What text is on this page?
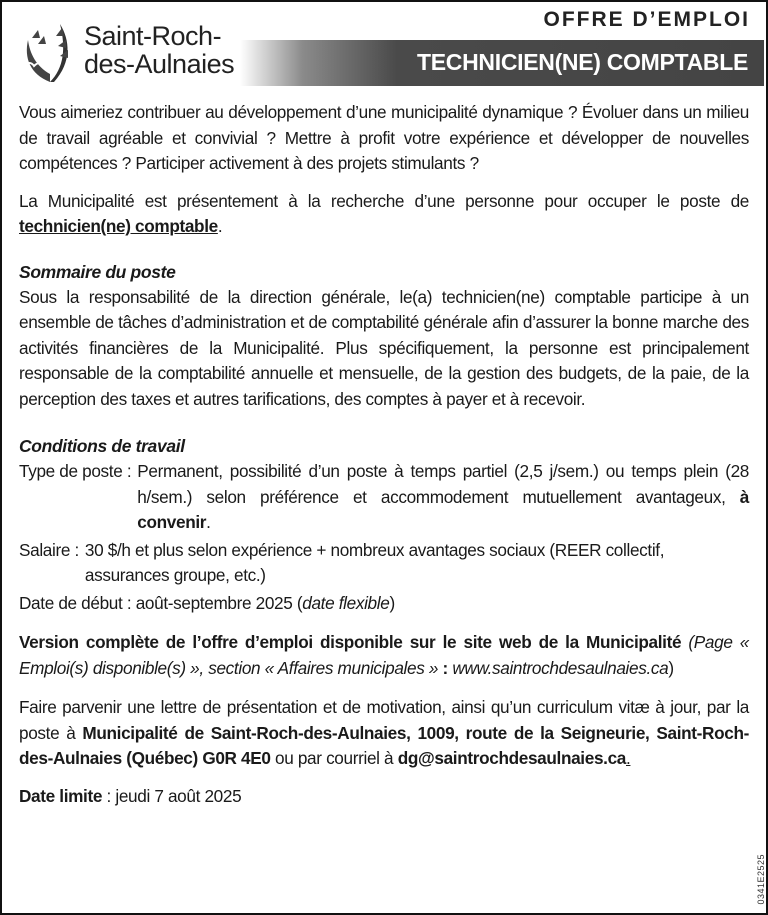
Saint-Roch-
des-Aulnaies
OFFRE D’EMPLOI
TECHNICIEN(NE) COMPTABLE

Vous aimeriez contribuer au développement d’une municipalité dynamique ? Évoluer dans un milieu de travail agréable et convivial ? Mettre à profit votre expérience et développer de nouvelles compétences ? Participer activement à des projets stimulants ?

La Municipalité est présentement à la recherche d’une personne pour occuper le poste de technicien(ne) comptable.

Sommaire du poste

Sous la responsabilité de la direction générale, le(a) technicien(ne) comptable participe à un ensemble de tâches d’administration et de comptabilité générale afin d’assurer la bonne marche des activités financières de la Municipalité. Plus spécifiquement, la personne est principalement responsable de la comptabilité annuelle et mensuelle, de la gestion des budgets, de la paie, de la perception des taxes et autres tarifications, des comptes à payer et à recevoir.

Conditions de travail
Type de poste : Permanent, possibilité d’un poste à temps partiel (2,5 j/sem.) ou temps plein (28 h/sem.) selon préférence et accommodement mutuellement avantageux, à convenir.
Salaire : 30 $/h et plus selon expérience + nombreux avantages sociaux (REER collectif, assurances groupe, etc.)
Date de début : août-septembre 2025 (date flexible)

Version complète de l’offre d’emploi disponible sur le site web de la Municipalité (Page « Emploi(s) disponible(s) », section « Affaires municipales » : www.saintrochdesaulnaies.ca)

Faire parvenir une lettre de présentation et de motivation, ainsi qu’un curriculum vitæ à jour, par la poste à Municipalité de Saint-Roch-des-Aulnaies, 1009, route de la Seigneurie, Saint-Roch-des-Aulnaies (Québec) G0R 4E0 ou par courriel à dg@saintrochdesaulnaies.ca.

Date limite : jeudi 7 août 2025
0341E2525
